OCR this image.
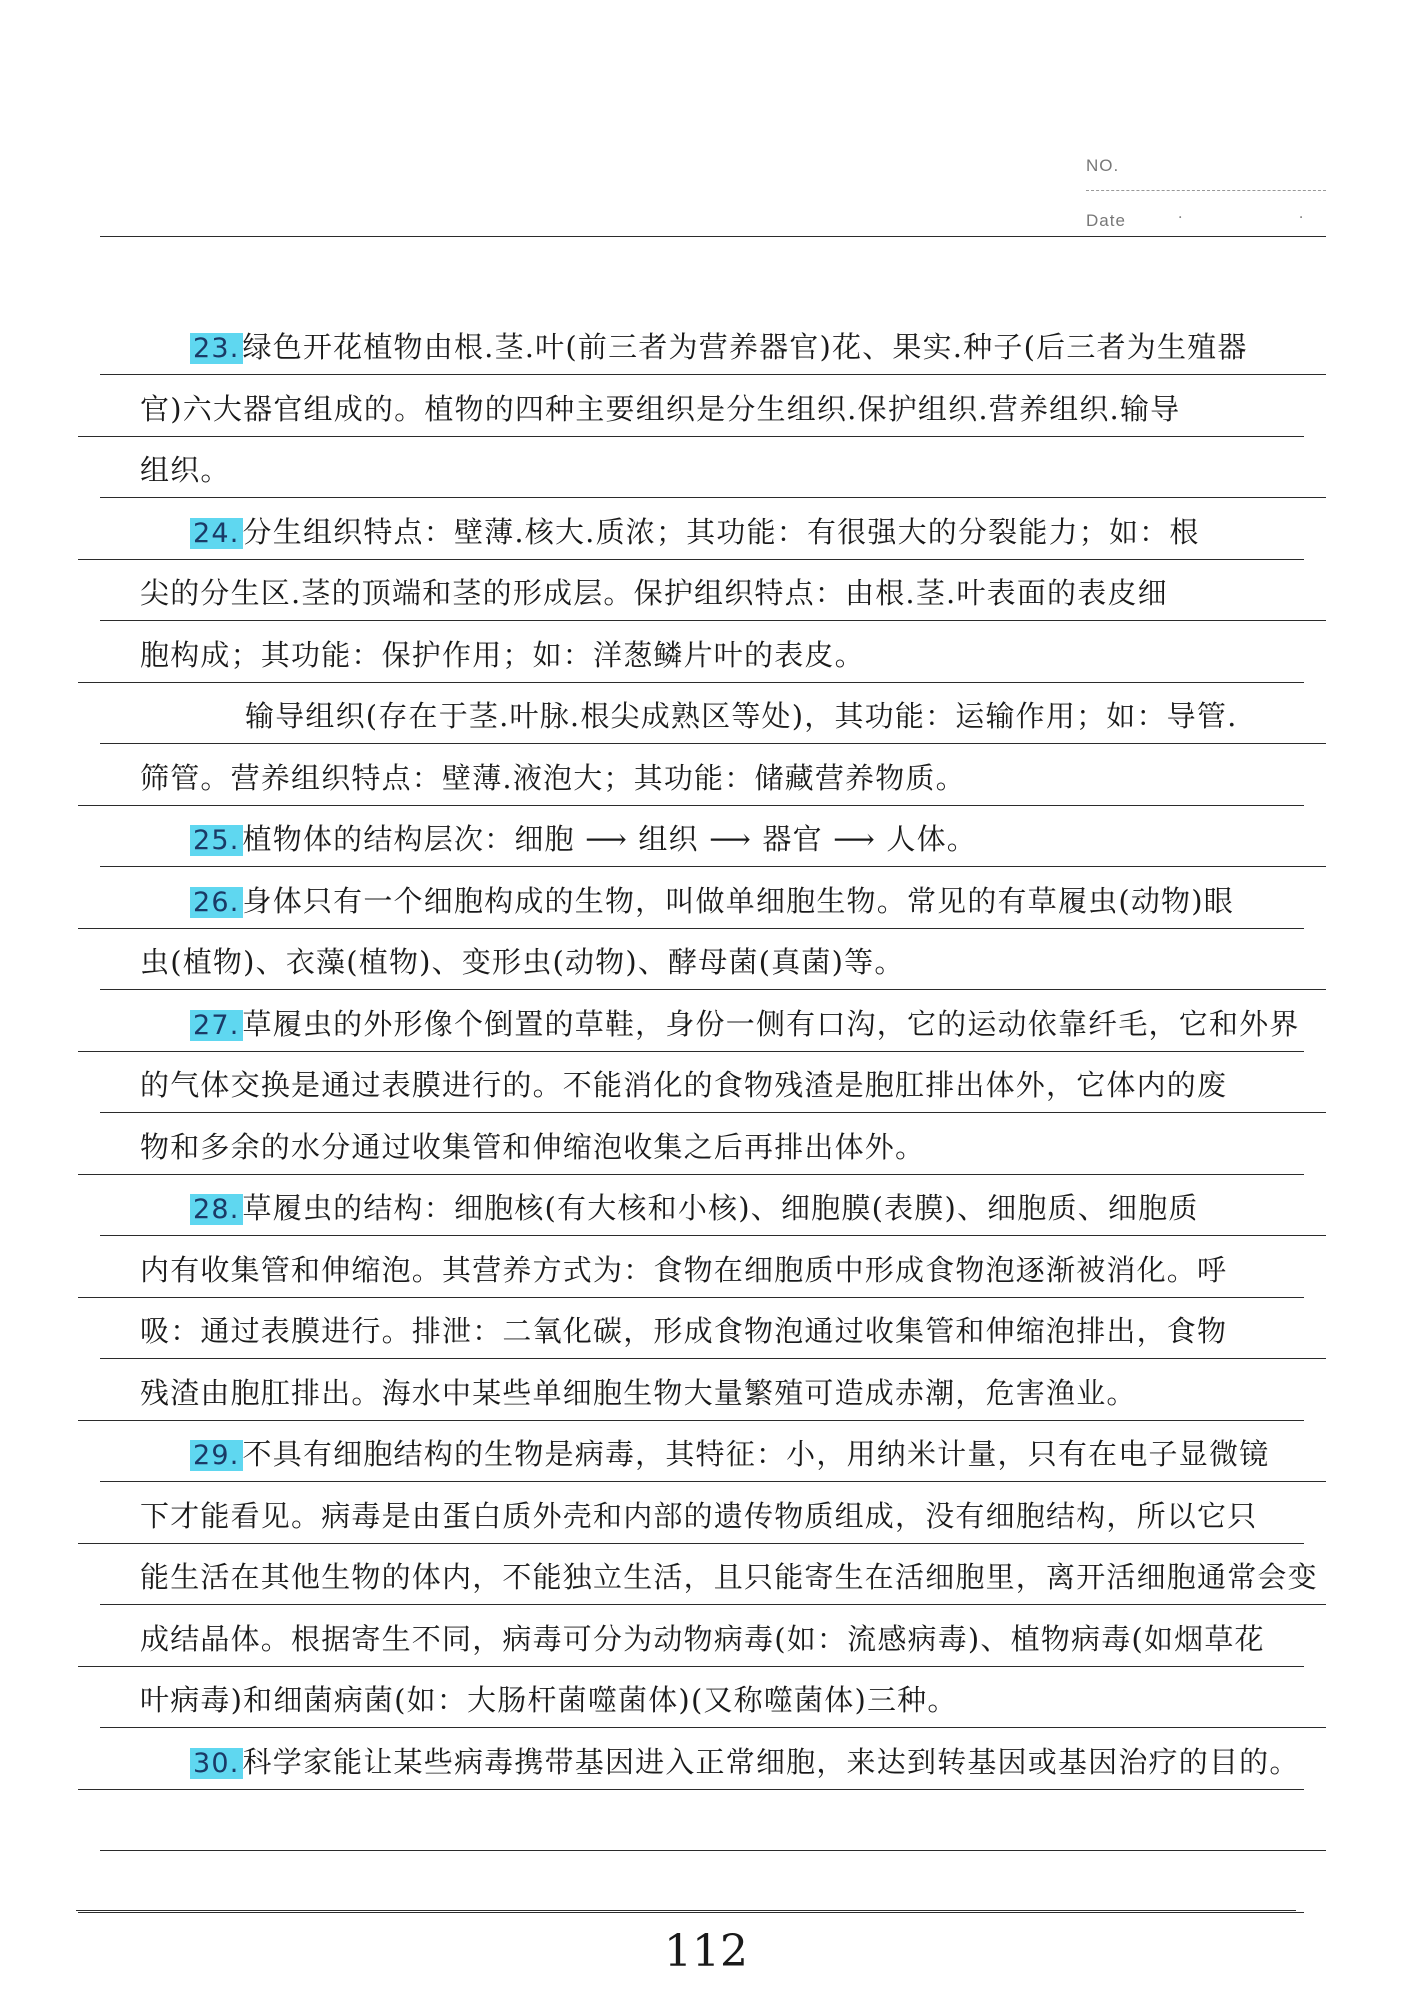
NO.
Date	· ·
23. 绿色开花植物由根.茎.叶(前三者为营养器官)花、果实.种子(后三者为生殖器
官)六大器官组成的。植物的四种主要组织是分生组织.保护组织.营养组织.输导
组织。
24. 分生组织特点：壁薄.核大.质浓；其功能：有很强大的分裂能力；如：根
尖的分生区.茎的顶端和茎的形成层。保护组织特点：由根.茎.叶表面的表皮细
胞构成；其功能：保护作用；如：洋葱鳞片叶的表皮。
输导组织(存在于茎.叶脉.根尖成熟区等处)，其功能：运输作用；如：导管.
筛管。营养组织特点：壁薄.液泡大；其功能：储藏营养物质。
25. 植物体的结构层次：细胞 ⟶ 组织 ⟶ 器官 ⟶ 人体。
26. 身体只有一个细胞构成的生物，叫做单细胞生物。常见的有草履虫(动物)眼
虫(植物)、衣藻(植物)、变形虫(动物)、酵母菌(真菌)等。
27. 草履虫的外形像个倒置的草鞋，身份一侧有口沟，它的运动依靠纤毛，它和外界
的气体交换是通过表膜进行的。不能消化的食物残渣是胞肛排出体外，它体内的废
物和多余的水分通过收集管和伸缩泡收集之后再排出体外。
28. 草履虫的结构：细胞核(有大核和小核)、细胞膜(表膜)、细胞质、细胞质
内有收集管和伸缩泡。其营养方式为：食物在细胞质中形成食物泡逐渐被消化。呼
吸：通过表膜进行。排泄：二氧化碳，形成食物泡通过收集管和伸缩泡排出，食物
残渣由胞肛排出。海水中某些单细胞生物大量繁殖可造成赤潮，危害渔业。
29. 不具有细胞结构的生物是病毒，其特征：小，用纳米计量，只有在电子显微镜
下才能看见。病毒是由蛋白质外壳和内部的遗传物质组成，没有细胞结构，所以它只
能生活在其他生物的体内，不能独立生活，且只能寄生在活细胞里，离开活细胞通常会变
成结晶体。根据寄生不同，病毒可分为动物病毒(如：流感病毒)、植物病毒(如烟草花
叶病毒)和细菌病菌(如：大肠杆菌噬菌体)(又称噬菌体)三种。
30. 科学家能让某些病毒携带基因进入正常细胞，来达到转基因或基因治疗的目的。
112
